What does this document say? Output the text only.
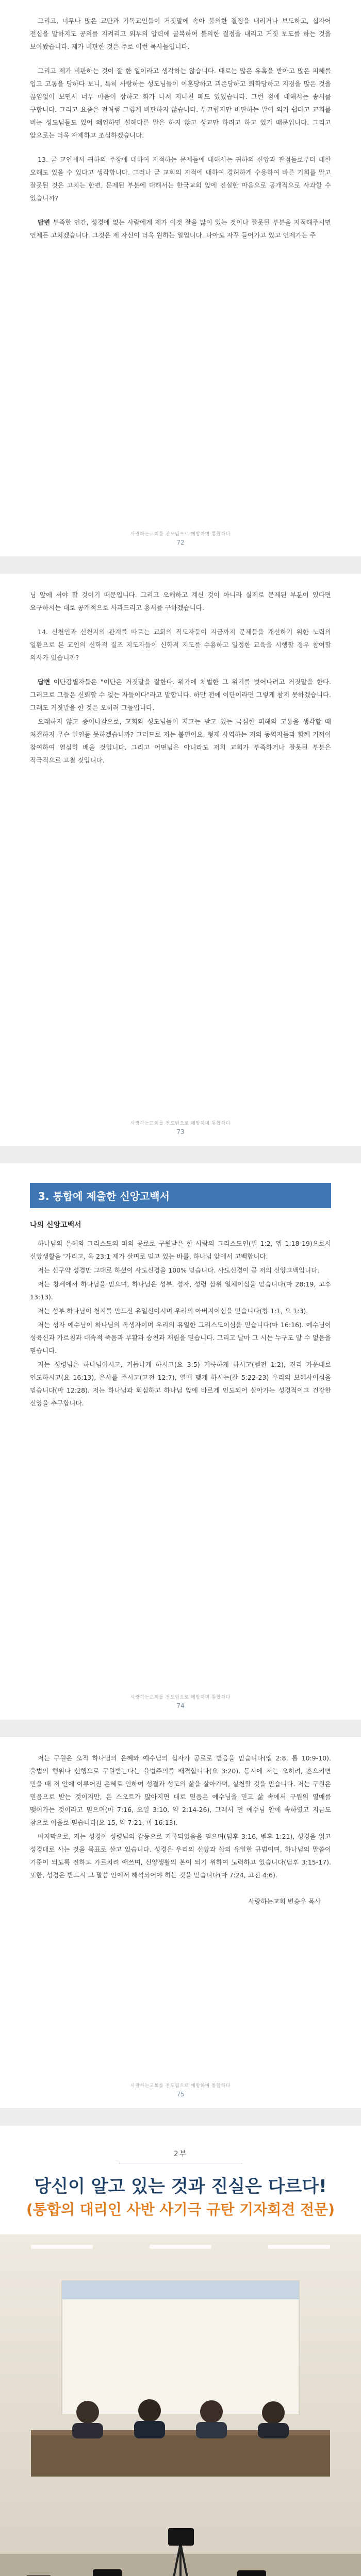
그리고, 너무나 많은 교단과 기독교인들이 거짓말에 속아 불의한 결정을 내리거나 보도하고, 십자어 전십을 말하지도 공의를 지켜리고 외부의 압력에 굴복하여 불의한 결정을 내리고 거짓 보도를 하는 것을 보아왔습니다. 제가 비판한 것은 주로 이런 목사들입니다.

그리고 제가 비판하는 것이 잘 한 일이라고 생각하는 않습니다. 때로는 많은 유혹을 받아고 많은 피해를 입고 고통을 당하다 보니, 특히 사랑하는 성도님들이 이혼당하고 괴존당하고 퇴학당하고 지경을 많은 것을 끊임없이 보면서 너무 마음이 상하고 화가 나서 지나친 패도 있었습니다. 그런 점에 대해서는 송서를 구합니다. 그리고 요즘은 전처럼 그렇게 비판하지 않습니다. 부끄럽지만 비판하는 말이 외기 쉽다고 교회를 버는 성도님들도 있어 왜인하면 설혜다른 말은 하지 않고 성교만 하려고 하고 있기 때문입니다. 그리고 앞으로는 더욱 자제하고 조심하겠습니다.

13. 굳 교인에서 귀하의 주장에 대하여 지적하는 문제들에 대해서는 귀하의 신앙과 관점들로부터 대한 오해도 있을 수 있다고 생각합니다. 그러나 굳 교회의 지적에 대하여 경허하게 수용하여 바른 기회를 말고 잘못된 것은 고치는 한편, 문제된 부분에 대해서는 한국교회 앞에 진실한 마음으로 공개적으로 사과할 수 있습니까?

답변 부족한 인간, 성경에 없는 사람에게 제가 이것 잘을 많이 있는 것이나 잘못된 부분을 지적해주시면 언제든 고치겠습니다. 그것은 제 자신이 더욱 원하는 일입니다. 나아도 자꾸 들어가고 있고 언제가는 주

사랑하는교회를 전도림으로 예방하며 통합하다
72

님 앞에 서야 할 것이기 때문입니다. 그리고 오해하고 계신 것이 아니라 실제로 문제된 부분이 있다면 요구하시는 대로 공개적으로 사과드리고 용서를 구하겠습니다.

14. 신천인과 신천지의 관계를 따르는 교회의 직도자들이 지금까지 문제들을 개선하기 위한 노력의 일환으로 본 교인의 신학적 질조 지도자들이 신학적 지도를 수용하고 일정한 교육을 시행할 경우 참여할 의사가 있습니까?

답변 이단감별자들은 "이단은 거짓말을 잘한다. 워가에 처벌한 그 위기를 벗어나려고 거짓말을 한다. 그러므로 그들은 신뢰할 수 없는 자들이다"라고 말합니다. 하만 전에 이단이라면 그렇게 참지 못하겠습니다. 그래도 거짓말을 한 것은 오히려 그들입니다.

오래하지 않고 증어나감으로, 교회와 성도님들이 지고는 받고 있는 극심한 피해와 고통을 생각할 때 처절하지 무슨 일인들 못하겠습니까? 그러므로 저는 불편이요, 형제 사역하는 저의 동역자들과 함께 기꺼이 참여하여 열심히 배울 것입니다. 그리고 어떤님은 아니라도 저희 교회가 부족하거나 잘못된 부분은 적극적으로 고칠 것입니다.

사랑하는교회를 전도림으로 예방하며 통합하다
73
3. 통합에 제출한 신앙고백서
나의 신앙고백서

하나님의 은혜와 그리스도의 피의 공로로 구원받은 한 사람의 그리스도인(빌 1:2, 엡 1:18-19)으로서 신앙생활을 '가리고, 옥 23:1 제가 살며로 믿고 있는 바를, 하나님 앞에서 고백합니다.

저는 신구약 성경만 그대로 하셨이 사도신경을 100% 믿습니다. 사도신경이 곧 저의 신앙고백입니다.

저는 창세에서 하나님을 믿으며, 하나님은 성부, 성자, 성령 삼위 일체이심을 믿습니다(마 28:19, 고후 13:13).

저는 성부 하나님이 천지를 만드신 유일신이시며 우리의 아버지이심을 믿습니다(창 1:1, 요 1:3).

저는 성자 예수님이 하나님의 독생자이며 우리의 유일한 그리스도이심을 믿습니다(마 16:16). 예수님이 성육신과 가르침과 대속적 죽음과 부활과 승천과 재림을 믿습니다. 그리고 날마 그 시는 누구도 알 수 없음을 믿습니다.

저는 성령님은 하나님이시고, 거듭나게 하시고(요 3:5) 거룩하게 하시고(벧전 1:2), 진리 가운데로 인도하시고(요 16:13), 은사를 주시고(고전 12:7), 열매 맺게 하시는(갈 5:22-23) 우리의 보혜사이심을 믿습니다(마 12:28). 저는 하나님과 회심하고 하나님 앞에 바르게 인도되어 살아가는 성경적이고 건강한 신앙을 추구합니다.

사랑하는교회를 전도림으로 예방하며 통합하다
74

저는 구원은 오직 하나님의 은혜와 예수님의 십자가 공로로 받음을 믿습니다(엡 2:8, 롬 10:9-10). 율법의 행위나 선행으로 구원받는다는 율법주의를 배격합니다(요 3:20). 동시에 저는 오히려, 혼으키면 믿을 때 저 안에 이루어진 은혜로 인하여 성결과 성도의 삶을 살아가며, 실천할 것을 믿습니다. 저는 구원은 믿음으로 받는 것이지만, 은 스오트가 많아지면 대로 믿음은 예수님을 믿고 삶 속에서 구원의 열매를 맺어가는 것이라고 믿으며(마 7:16, 요일 3:10, 약 2:14-26), 그래서 먼 예수님 안에 속하였고 지금도 참으로 아울로 믿습니다(요 15, 약 7:21, 마 16:13).

마지막으로, 저는 성경이 성령님의 감동으로 기록되었음을 믿으며(딤후 3:16, 벧후 1:21), 성경을 읽고 성경대로 사는 것을 목표로 살고 있습니다. 성경은 우리의 신앙과 삶의 유일한 규범이며, 하나님의 말씀이 기준이 되도록 전하고 가르치려 애쓰며, 신앙생활의 본이 되기 위하여 노력하고 있습니다(딤후 3:15-17). 또한, 성경은 반드시 그 말씀 안에서 해석되어야 하는 것을 믿습니다(마 7:24, 고전 4:6).

사랑하는교회 변승우 목사
사랑하는교회를 전도림으로 예방하며 통합하다
75
2부

당신이 알고 있는 것과 진실은 다르다!

(통합의 대리인 사반 사기극 규탄 기자회견 전문)
